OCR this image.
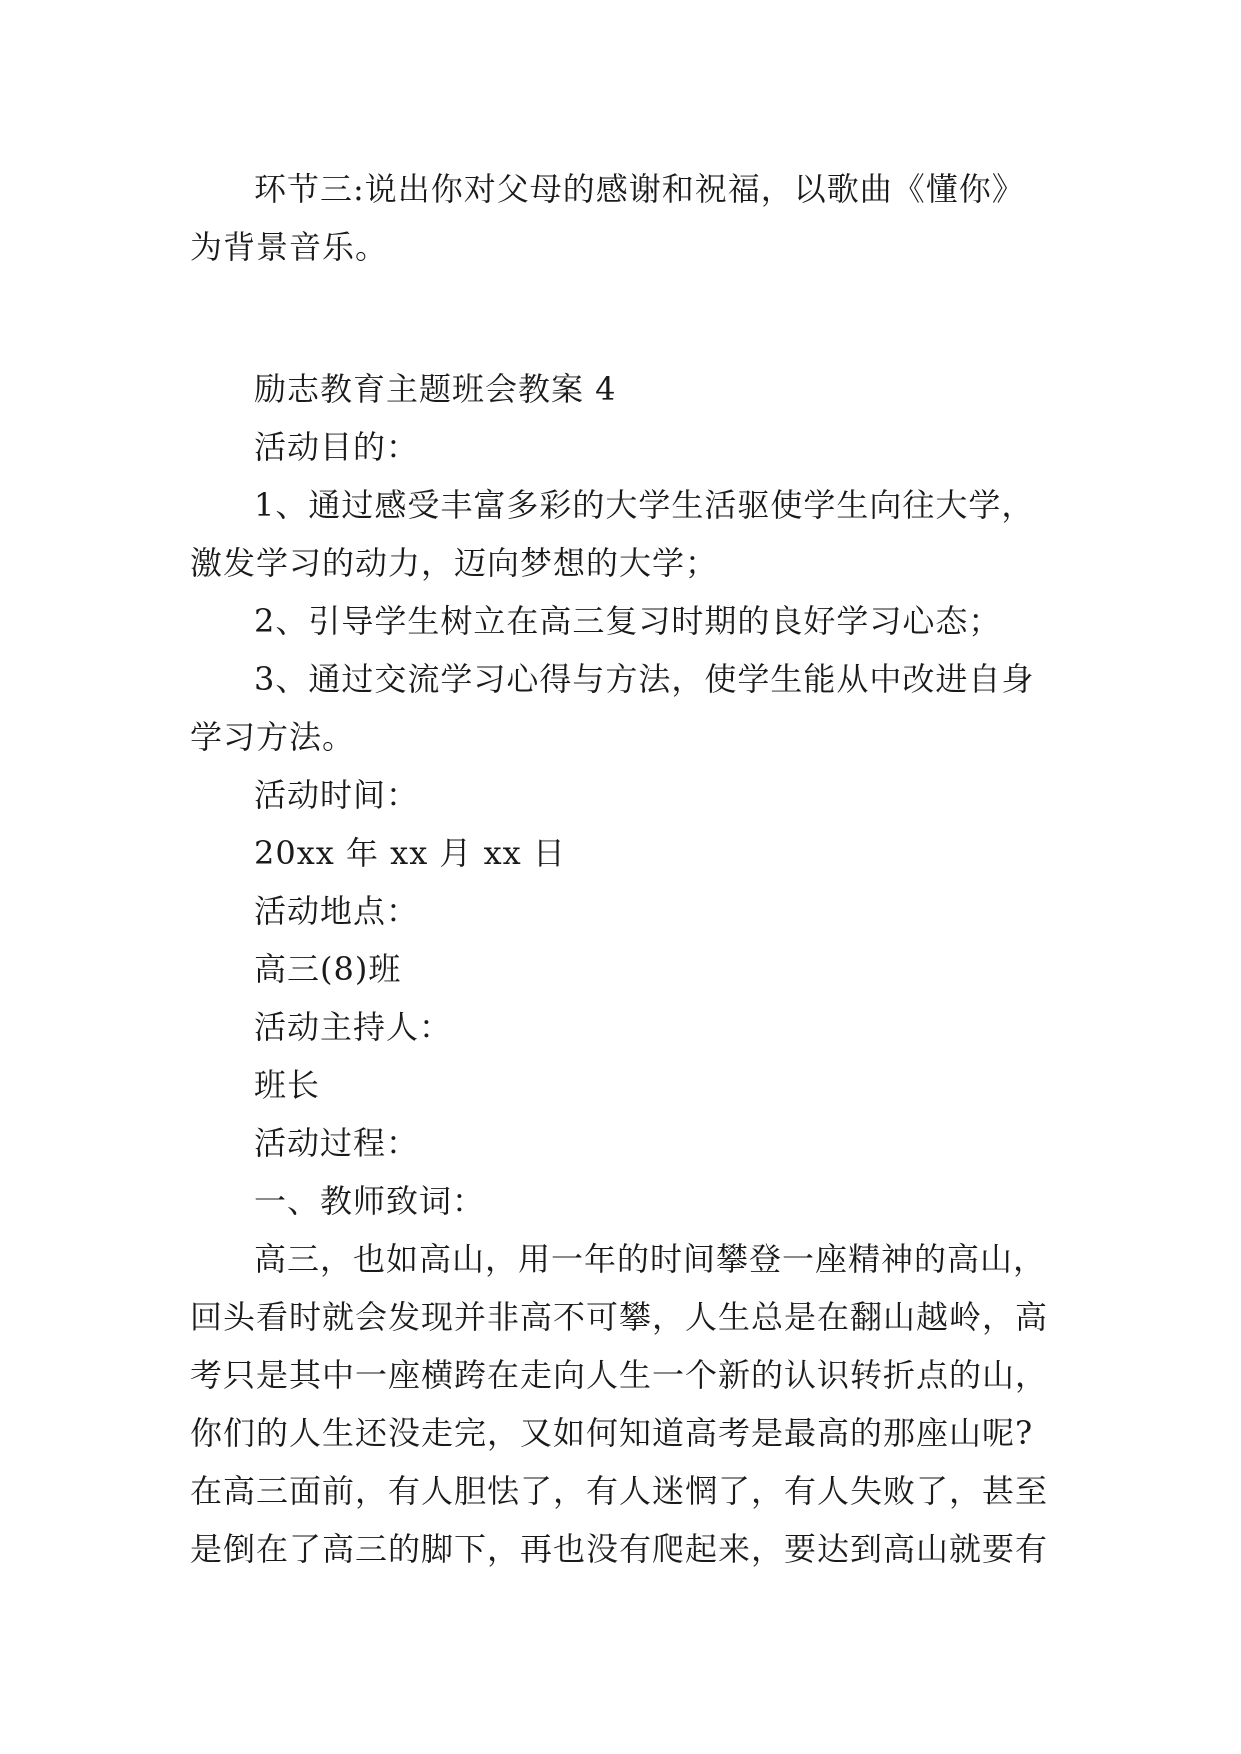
环节三:说出你对父母的感谢和祝福，以歌曲《懂你》
为背景音乐。

励志教育主题班会教案 4

活动目的：

1、通过感受丰富多彩的大学生活驱使学生向往大学，
激发学习的动力，迈向梦想的大学；

2、引导学生树立在高三复习时期的良好学习心态；

3、通过交流学习心得与方法，使学生能从中改进自身
学习方法。

活动时间：

20xx 年 xx 月 xx 日

活动地点：

高三(8)班

活动主持人：

班长

活动过程：

一、教师致词：

高三，也如高山，用一年的时间攀登一座精神的高山，
回头看时就会发现并非高不可攀，人生总是在翻山越岭，高
考只是其中一座横跨在走向人生一个新的认识转折点的山，
你们的人生还没走完，又如何知道高考是最高的那座山呢?
在高三面前，有人胆怯了，有人迷惘了，有人失败了，甚至
是倒在了高三的脚下，再也没有爬起来，要达到高山就要有
